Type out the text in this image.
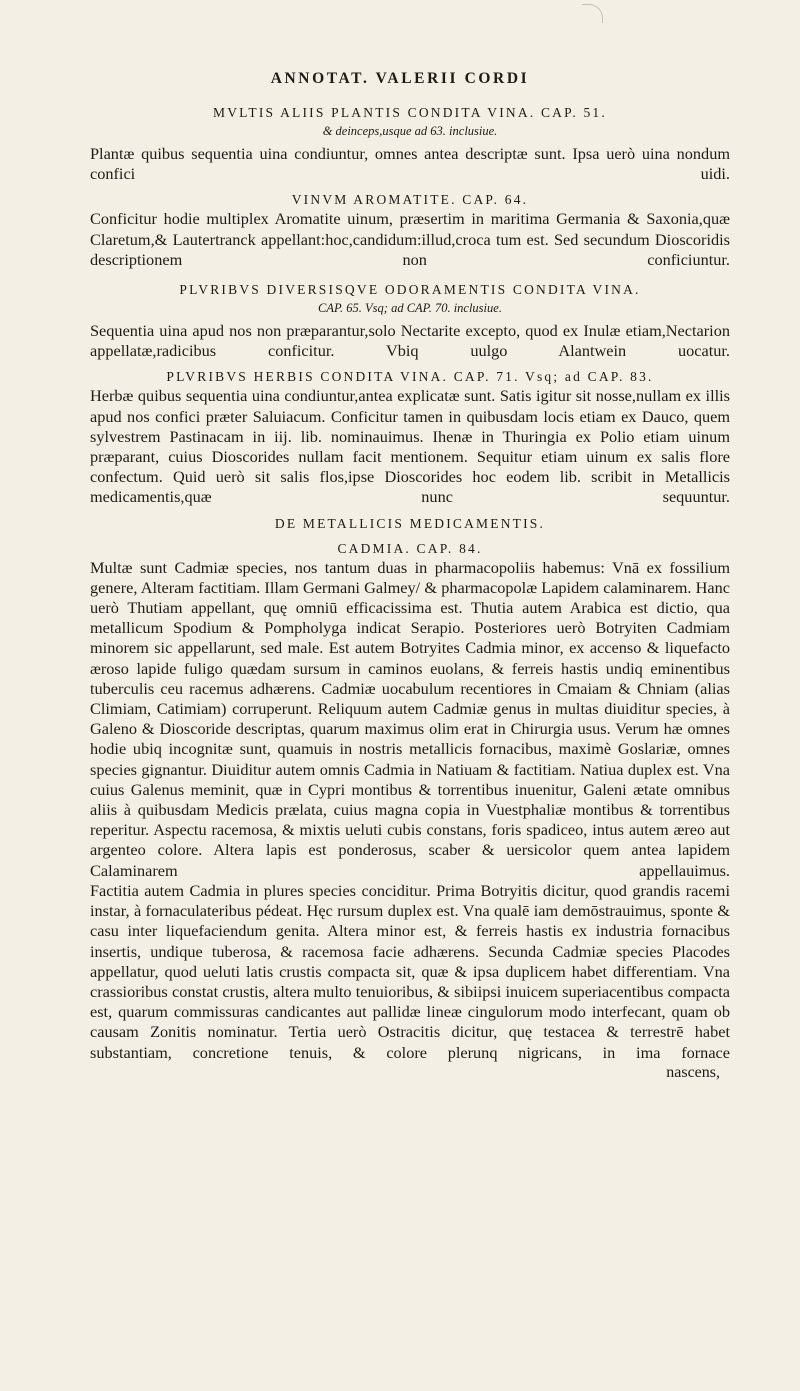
ANNOTAT. VALERII CORDI
MVLTIS ALIIS PLANTIS CONDITA VINA. CAP. 51.
& deinceps,usque ad 63. inclusiue.

Plantæ quibus sequentia uina condiuntur, omnes antea descriptæ sunt. Ipsa uerò uina nondum confici uidi.

VINVM AROMATITE. CAP. 64.

Conficitur hodie multiplex Aromatite uinum, præsertim in maritima Germania & Saxonia,quæ Claretum,& Lautertranck appellant:hoc,candidum:illud,croca tum est. Sed secundum Dioscoridis descriptionem non conficiuntur.

PLVRIBVS DIVERSISQVE ODORAMENTIS CONDITA VINA.
CAP. 65. Vsq; ad CAP. 70. inclusiue.

Sequentia uina apud nos non præparantur,solo Nectarite excepto, quod ex Inulæ etiam,Nectarion appellatæ,radicibus conficitur. Vbiq uulgo Alantwein uocatur.

PLVRIBVS HERBIS CONDITA VINA. CAP. 71. Vsq; ad CAP. 83.

Herbæ quibus sequentia uina condiuntur,antea explicatæ sunt. Satis igitur sit nosse,nullam ex illis apud nos confici præter Saluiacum. Conficitur tamen in quibusdam locis etiam ex Dauco, quem sylvestrem Pastinacam in iij. lib. nominauimus. Ihenæ in Thuringia ex Polio etiam uinum præparant, cuius Dioscorides nullam facit mentionem. Sequitur etiam uinum ex salis flore confectum. Quid uerò sit salis flos,ipse Dioscorides hoc eodem lib. scribit in Metallicis medicamentis,quæ nunc sequuntur.

DE METALLICIS MEDICAMENTIS.
CADMIA. CAP. 84.

Multæ sunt Cadmiæ species, nos tantum duas in pharmacopoliis habemus: Vnā ex fossilium genere, Alteram factitiam. Illam Germani Galmey/ & pharmacopolæ Lapidem calaminarem. Hanc uerò Thutiam appellant, quę omniū efficacissima est. Thutia autem Arabica est dictio, qua metallicum Spodium & Pompholyga indicat Serapio. Posteriores uerò Botryiten Cadmiam minorem sic appellarunt, sed male. Est autem Botryites Cadmia minor, ex accenso & liquefacto ærosо lapide fuligo quædam sursum in caminos euolans, & ferreis hastis undiq eminentibus tuberculis ceu racemus adhærens. Cadmiæ uocabulum recentiores in Cmaiam & Chniam (alias Climiam, Catimiam) corruperunt. Reliquum autem Cadmiæ genus in multas diuiditur species, à Galeno & Dioscoride descriptas, quarum maximus olim erat in Chirurgia usus. Verum hæ omnes hodie ubiq incognitæ sunt, quamuis in nostris metallicis fornacibus, maximè Goslariæ, omnes species gignantur. Diuiditur autem omnis Cadmia in Natiuam & factitiam. Natiua duplex est. Vna cuius Galenus meminit, quæ in Cypri montibus & torrentibus inuenitur, Galeni ætate omnibus aliis à quibusdam Medicis prælata, cuius magna copia in Vuestphaliæ montibus & torrentibus reperitur. Aspectu racemosa, & mixtis ueluti cubis constans, foris spadiceo, intus autem æreo aut argenteo colore. Altera lapis est ponderosus, scaber & uersicolor quem antea lapidem Calaminarem appellauimus.

Factitia autem Cadmia in plures species conciditur. Prima Botryitis dicitur, quod grandis racemi instar, à fornaculateribus pédeat. Hęc rursum duplex est. Vna qualē iam demōstrauimus, sponte & casu inter liquefaciendum genita. Altera minor est, & ferreis hastis ex industria fornacibus insertis, undique tuberosa, & racemosa facie adhærens. Secunda Cadmiæ species Placodes appellatur, quod ueluti latis crustis compacta sit, quæ & ipsa duplicem habet differentiam. Vna crassioribus constat crustis, altera multo tenuioribus, & sibiipsi inuicem superiacentibus compacta est, quarum commissuras candicantes aut pallidæ lineæ cingulorum modo interfecant, quam ob causam Zonitis nominatur. Tertia uerò Ostracitis dicitur, quę testacea & terrestrē habet substantiam, concretione tenuis, & colore plerunq nigricans, in ima fornace

nascens,
